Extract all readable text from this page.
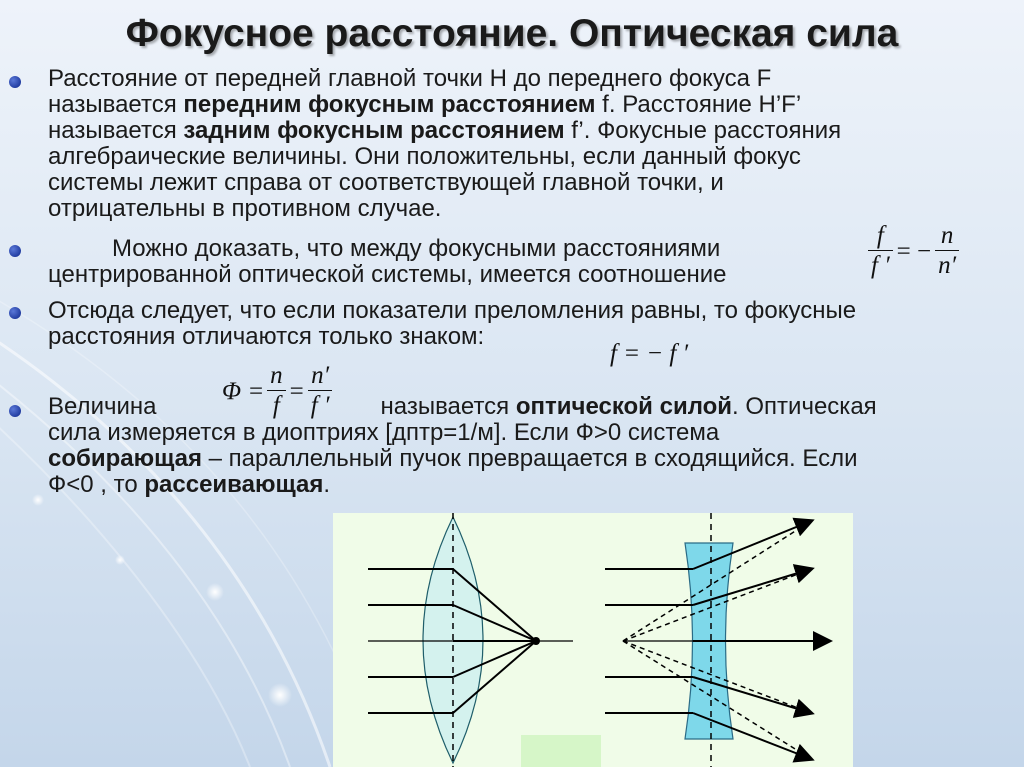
Фокусное расстояние. Оптическая сила
Расстояние от передней главной точки H до переднего фокуса F
называется передним фокусным расстоянием f. Расстояние H’F’
называется задним фокусным расстоянием f’. Фокусные расстояния
алгебраические величины. Они положительны, если данный фокус
системы лежит справа от соответствующей главной точки, и
отрицательны в противном случае.
Можно доказать, что между фокусными расстояниями
центрированной оптической системы, имеется соотношение	$\frac{f}{f '}$ = − $\frac{n}{n'}$
Отсюда следует, что если показатели преломления равны, то фокусные
расстояния отличаются только знаком:
f = − f ′
Величина	называется оптической силой. Оптическая
сила измеряется в диоптриях [дптр=1/м]. Если Ф>0 система
собирающая – параллельный пучок превращается в сходящийся. Если
Ф<0 , то рассеивающая.
$\Phi = \frac{n}{f} = \frac{n'}{f '}$
